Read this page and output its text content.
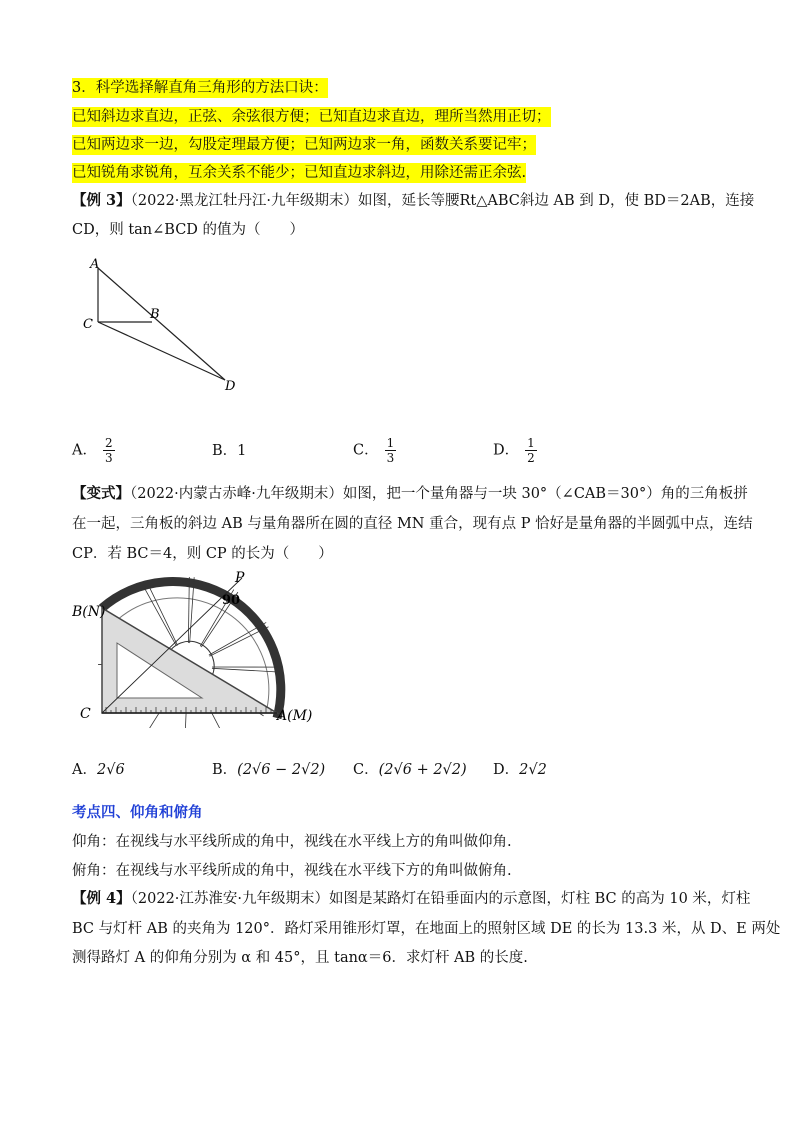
3．科学选择解直角三角形的方法口诀：
已知斜边求直边，正弦、余弦很方便；已知直边求直边，理所当然用正切；
已知两边求一边，勾股定理最方便；已知两边求一角，函数关系要记牢；
已知锐角求锐角，互余关系不能少；已知直边求斜边，用除还需正余弦.
【例 3】（2022·黑龙江牡丹江·九年级期末）如图，延长等腰Rt△ABC斜边 AB 到 D，使 BD＝2AB，连接
CD，则 tan∠BCD 的值为（　　）
A
B
C
D
A． $\frac{2}{3}$	B．1	C． $\frac{1}{3}$	D． $\frac{1}{2}$
【变式】（2022·内蒙古赤峰·九年级期末）如图，把一个量角器与一块 30°（∠CAB＝30°）角的三角板拼
在一起，三角板的斜边 AB 与量角器所在圆的直径 MN 重合，现有点 P 恰好是量角器的半圆弧中点，连结
CP．若 BC＝4，则 CP 的长为（　　）
P
90
B(N)
C	A(M)
A．2√6	B．(2√6 − 2√2) C．(2√6 + 2√2) D．2√2
考点四、仰角和俯角
仰角：在视线与水平线所成的角中，视线在水平线上方的角叫做仰角.
俯角：在视线与水平线所成的角中，视线在水平线下方的角叫做俯角.
【例 4】（2022·江苏淮安·九年级期末）如图是某路灯在铅垂面内的示意图，灯柱 BC 的高为 10 米，灯柱
BC 与灯杆 AB 的夹角为 120°．路灯采用锥形灯罩，在地面上的照射区域 DE 的长为 13.3 米，从 D、E 两处
测得路灯 A 的仰角分别为 α 和 45°，且 tanα＝6．求灯杆 AB 的长度.
